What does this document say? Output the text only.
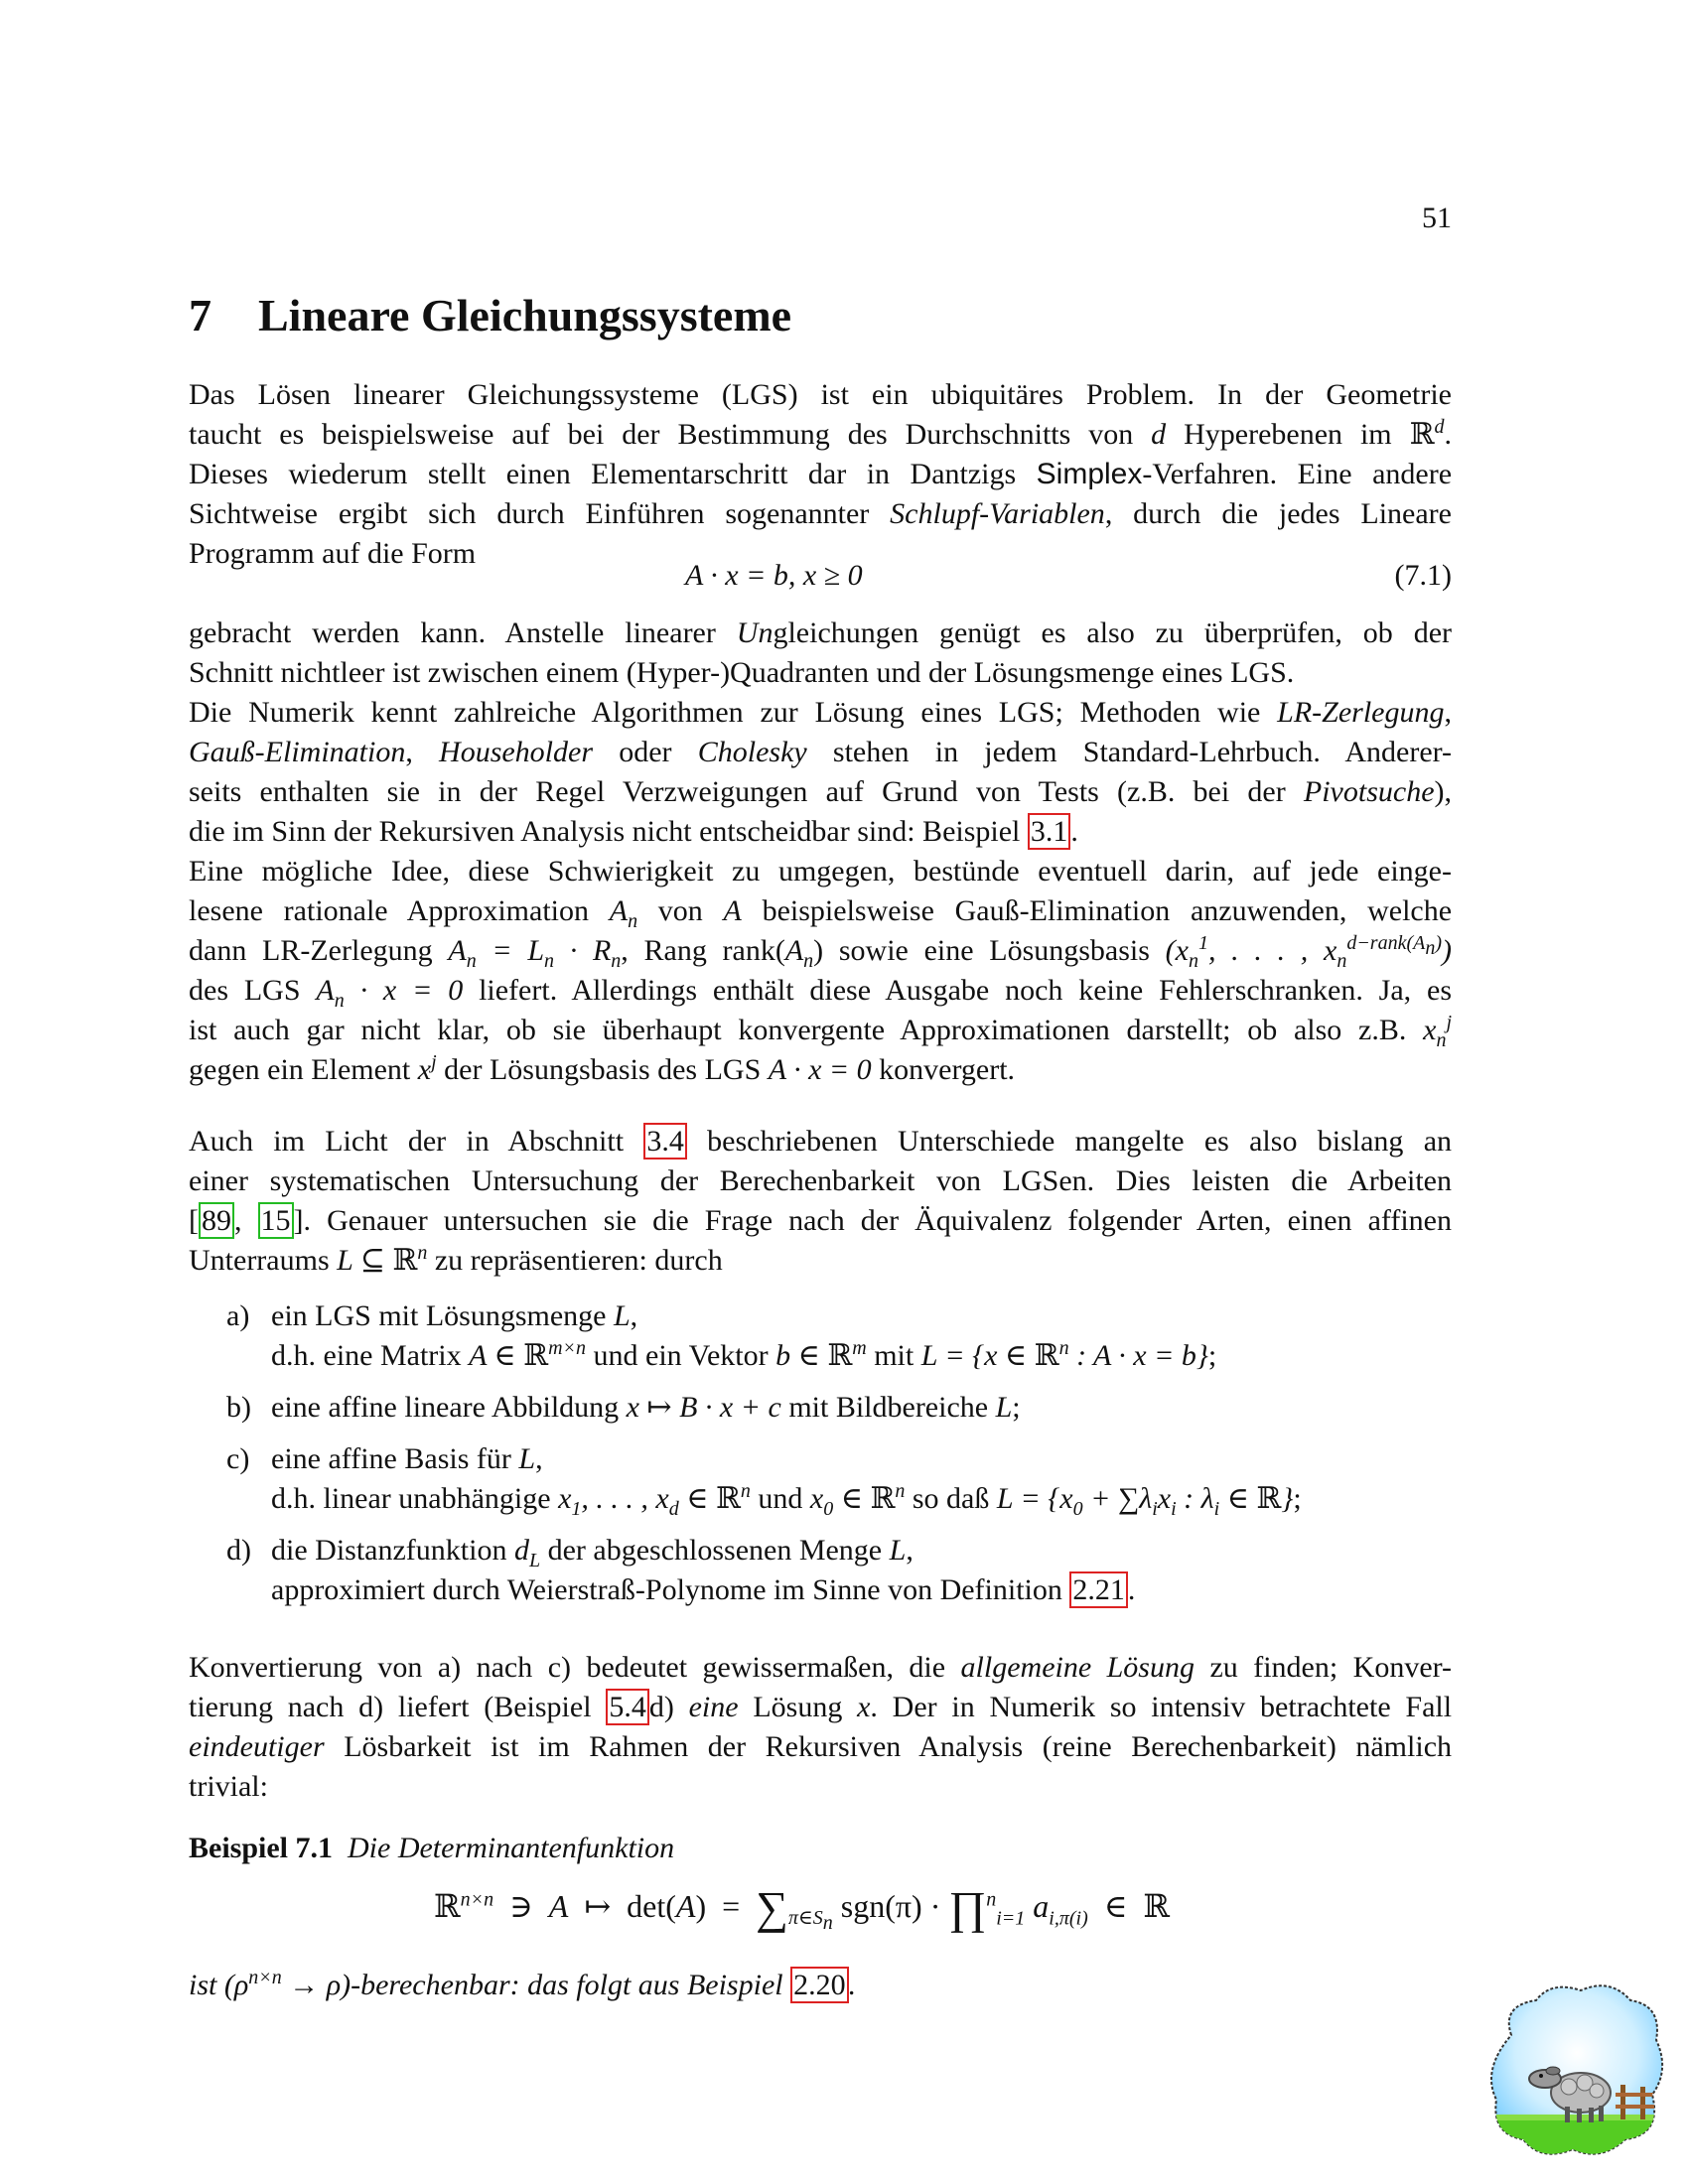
51
7 Lineare Gleichungssysteme
Das Lösen linearer Gleichungssysteme (LGS) ist ein ubiquitäres Problem. In der Geometrie
taucht es beispielsweise auf bei der Bestimmung des Durchschnitts von d Hyperebenen im ℝ$^d$.
Dieses wiederum stellt einen Elementarschritt dar in Dantzigs Simplex-Verfahren. Eine andere
Sichtweise ergibt sich durch Einführen sogenannter Schlupf-Variablen, durch die jedes Lineare
Programm auf die Form
A · x = b, x ≥ 0	(7.1)
gebracht werden kann. Anstelle linearer Ungleichungen genügt es also zu überprüfen, ob der
Schnitt nichtleer ist zwischen einem (Hyper-)Quadranten und der Lösungsmenge eines LGS.
Die Numerik kennt zahlreiche Algorithmen zur Lösung eines LGS; Methoden wie LR-Zerlegung,
Gauß-Elimination, Householder oder Cholesky stehen in jedem Standard-Lehrbuch. Anderer-
seits enthalten sie in der Regel Verzweigungen auf Grund von Tests (z.B. bei der Pivotsuche),
die im Sinn der Rekursiven Analysis nicht entscheidbar sind: Beispiel 3.1 .
Eine mögliche Idee, diese Schwierigkeit zu umgegen, bestünde eventuell darin, auf jede einge-
lesene rationale Approximation $A_n$ von A beispielsweise Gauß-Elimination anzuwenden, welche
dann LR-Zerlegung $A_n = L_n \cdot R_n$, Rang $rank(A_n)$ sowie eine Lösungsbasis ($x_n^1$, . . . , $x_n^{d-rank(A_n)}$)
des LGS $A_n \cdot x = 0$ liefert. Allerdings enthält diese Ausgabe noch keine Fehlerschranken. Ja, es
ist auch gar nicht klar, ob sie überhaupt konvergente Approximationen darstellt; ob also z.B. $x_n^j$
gegen ein Element $x^j$ der Lösungsbasis des LGS A · x = 0 konvergert.
Auch im Licht der in Abschnitt 3.4 beschriebenen Unterschiede mangelte es also bislang an
einer systematischen Untersuchung der Berechenbarkeit von LGSen. Dies leisten die Arbeiten
[ 89 , 15 ]. Genauer untersuchen sie die Frage nach der Äquivalenz folgender Arten, einen affinen
Unterraums L ⊆ ℝ$^n$ zu repräsentieren: durch
a) ein LGS mit Lösungsmenge L,
d.h. eine Matrix A ∈ ℝ$^{m\times n}$ und ein Vektor b ∈ ℝ$^m$ mit L = {x ∈ ℝ$^n$ : A · x = b};
b) eine affine lineare Abbildung x ↦ B · x + c mit Bildbereiche L;
c) eine affine Basis für L,
d.h. linear unabhängige $x_1$, . . . , $x_d$ ∈ ℝ$^n$ und $x_0$ ∈ ℝ$^n$ so daß $L = \{x_0 + \sum\lambda_ix_i$ : $\lambda_i$ ∈ ℝ};
d) die Distanzfunktion $d_L$ der abgeschlossenen Menge L,
approximiert durch Weierstraß-Polynome im Sinne von Definition 2.21 .
Konvertierung von a) nach c) bedeutet gewissermaßen, die allgemeine Lösung zu finden; Konver-
tierung nach d) liefert (Beispiel 5.4 d) eine Lösung x. Der in Numerik so intensiv betrachtete Fall
eindeutiger Lösbarkeit ist im Rahmen der Rekursiven Analysis (reine Berechenbarkeit) nämlich
trivial:
Beispiel 7.1 Die Determinantenfunktion
ℝ$^{n\times n}$  ∋  A  ↦  $\det(A) = \sum_{\pi\in S_n}$ sgn(π) · ∏$^n_{i=1}$ $a_{i,\pi(i)}$  ∈  ℝ
ist ($\rho^{n\times n}$ → ρ)-berechenbar: das folgt aus Beispiel 2.20 .
